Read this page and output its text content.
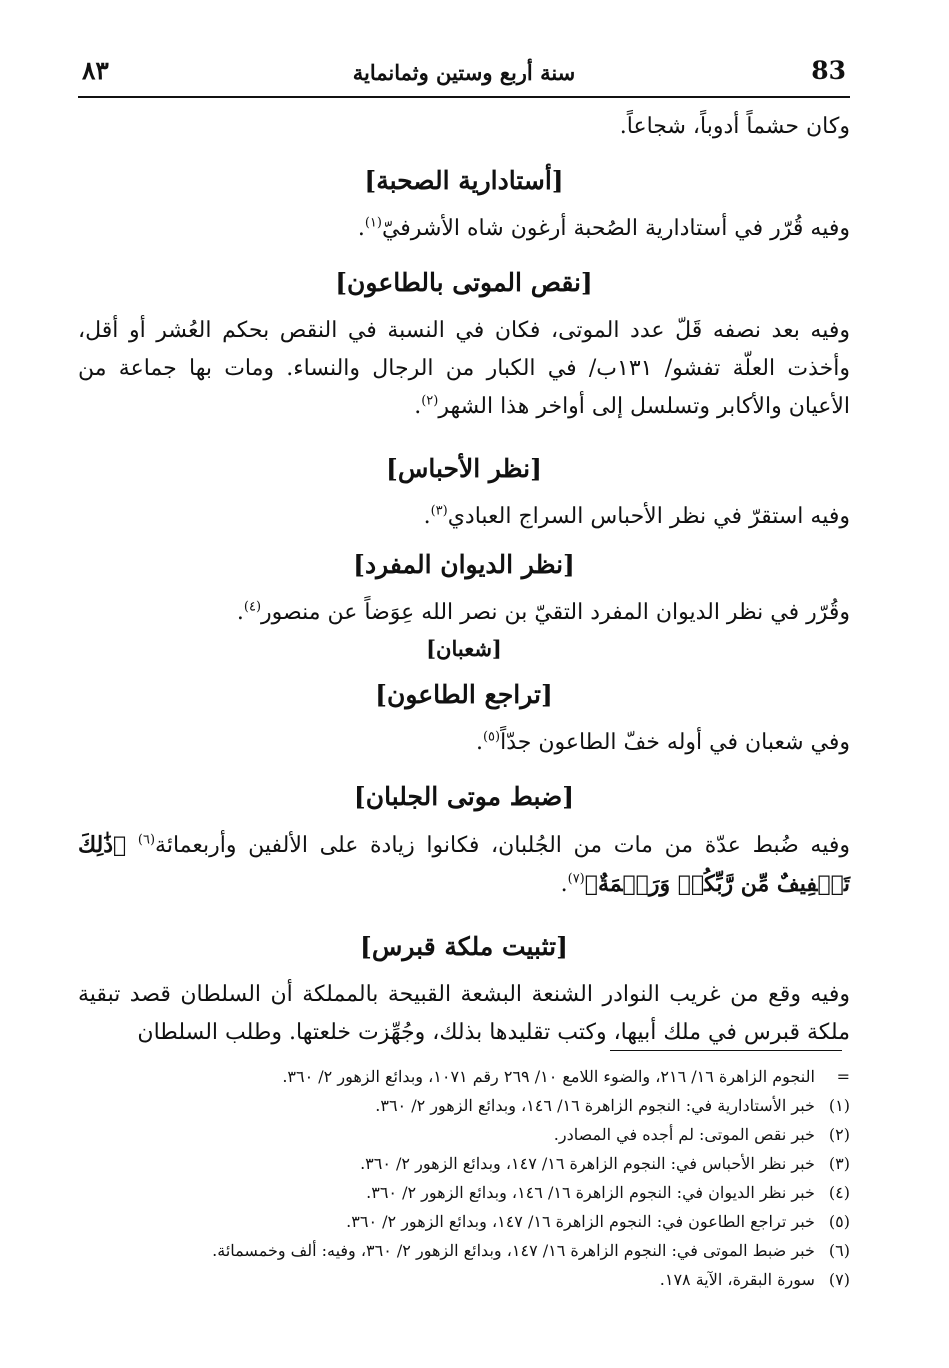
83
سنة أربع وستين وثمانماية
٨٣

وكان حشماً أدوباً، شجاعاً.

[أستادارية الصحبة]

وفيه قُرّر في أستادارية الصُحبة أرغون شاه الأشرفيّ$^{(١)}$.

[نقص الموتى بالطاعون]

وفيه بعد نصفه قَلّ عدد الموتى، فكان في النسبة في النقص بحكم العُشر أو أقل، وأخذت العلّة تفشو/ ١٣١ب/ في الكبار من الرجال والنساء. ومات بها جماعة من الأعيان والأكابر وتسلسل إلى أواخر هذا الشهر$^{(٢)}$.

[نظر الأحباس]

وفيه استقرّ في نظر الأحباس السراج العبادي$^{(٣)}$.

[نظر الديوان المفرد]

وقُرّر في نظر الديوان المفرد التقيّ بن نصر الله عِوَضاً عن منصور$^{(٤)}$.

[شعبان]
[تراجع الطاعون]

وفي شعبان في أوله خفّ الطاعون جدّاً$^{(٥)}$.

[ضبط موتى الجلبان]

وفيه ضُبط عدّة من مات من الجُلبان، فكانوا زيادة على الألفين وأربعمائة$^{(٦)}$ ﴿ذَٰلِكَ تَخۡفِيفٌ مِّن رَّبِّكُمۡ وَرَحۡمَةٌ﴾$^{(٧)}$.

[تثبيت ملكة قبرس]

وفيه وقع من غريب النوادر الشنعة البشعة القبيحة بالمملكة أن السلطان قصد تبقية ملكة قبرس في ملك أبيها، وكتب تقليدها بذلك، وجُهِّزت خلعتها. وطلب السلطان

= النجوم الزاهرة ١٦/ ٢١٦، والضوء اللامع ١٠/ ٢٦٩ رقم ١٠٧١، وبدائع الزهور ٢/ ٣٦٠.
(١) خبر الأستادارية في: النجوم الزاهرة ١٦/ ١٤٦، وبدائع الزهور ٢/ ٣٦٠.
(٢) خبر نقص الموتى: لم أجده في المصادر.
(٣) خبر نظر الأحباس في: النجوم الزاهرة ١٦/ ١٤٧، وبدائع الزهور ٢/ ٣٦٠.
(٤) خبر نظر الديوان في: النجوم الزاهرة ١٦/ ١٤٦، وبدائع الزهور ٢/ ٣٦٠.
(٥) خبر تراجع الطاعون في: النجوم الزاهرة ١٦/ ١٤٧، وبدائع الزهور ٢/ ٣٦٠.
(٦) خبر ضبط الموتى في: النجوم الزاهرة ١٦/ ١٤٧، وبدائع الزهور ٢/ ٣٦٠، وفيه: ألف وخمسمائة.
(٧) سورة البقرة، الآية ١٧٨.
